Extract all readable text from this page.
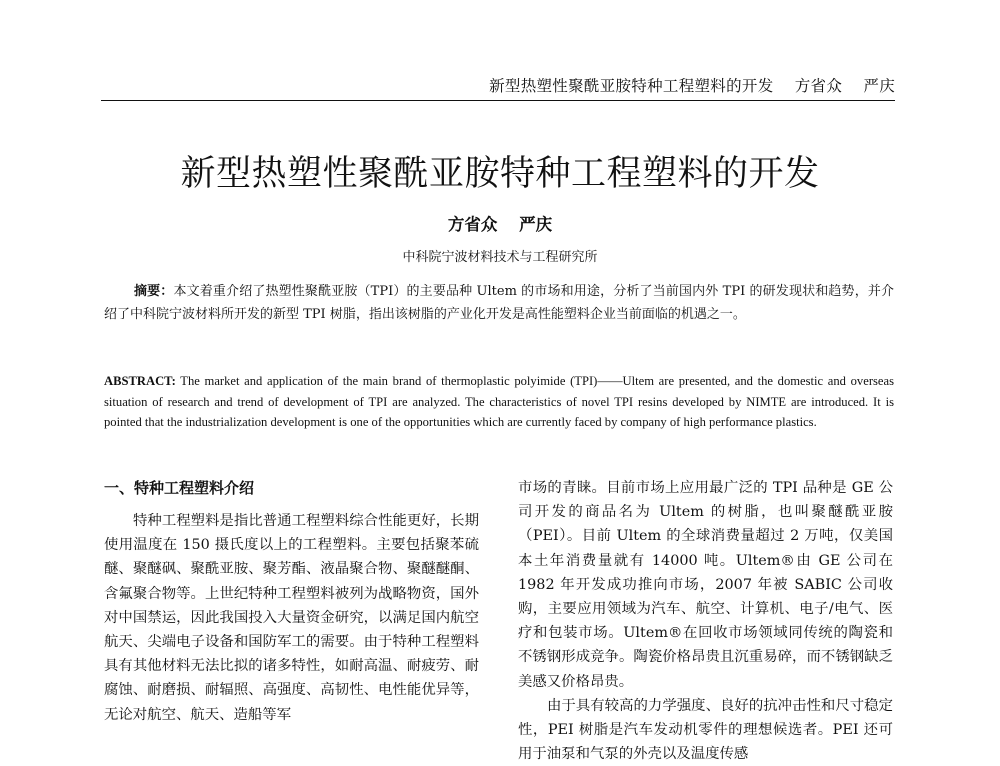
新型热塑性聚酰亚胺特种工程塑料的开发 方省众 严庆
新型热塑性聚酰亚胺特种工程塑料的开发
方省众 严庆
中科院宁波材料技术与工程研究所
摘要：本文着重介绍了热塑性聚酰亚胺（TPI）的主要品种 Ultem 的市场和用途，分析了当前国内外 TPI 的研发现状和趋势，并介绍了中科院宁波材料所开发的新型 TPI 树脂，指出该树脂的产业化开发是高性能塑料企业当前面临的机遇之一。
ABSTRACT: The market and application of the main brand of thermoplastic polyimide (TPI)——Ultem are presented, and the domestic and overseas situation of research and trend of development of TPI are analyzed. The characteristics of novel TPI resins developed by NIMTE are introduced. It is pointed that the industrialization development is one of the opportunities which are currently faced by company of high performance plastics.

一、特种工程塑料介绍

特种工程塑料是指比普通工程塑料综合性能更好，长期使用温度在 150 摄氏度以上的工程塑料。主要包括聚苯硫醚、聚醚砜、聚酰亚胺、聚芳酯、液晶聚合物、聚醚醚酮、含氟聚合物等。上世纪特种工程塑料被列为战略物资，国外对中国禁运，因此我国投入大量资金研究，以满足国内航空航天、尖端电子设备和国防军工的需要。由于特种工程塑料具有其他材料无法比拟的诸多特性，如耐高温、耐疲劳、耐腐蚀、耐磨损、耐辐照、高强度、高韧性、电性能优异等，无论对航空、航天、造船等军

市场的青睐。目前市场上应用最广泛的 TPI 品种是 GE 公司开发的商品名为 Ultem 的树脂，也叫聚醚酰亚胺（PEI）。目前 Ultem 的全球消费量超过 2 万吨，仅美国本土年消费量就有 14000 吨。Ultem®由 GE 公司在 1982 年开发成功推向市场，2007 年被 SABIC 公司收购，主要应用领域为汽车、航空、计算机、电子/电气、医疗和包装市场。Ultem®在回收市场领域同传统的陶瓷和不锈钢形成竞争。陶瓷价格昂贵且沉重易碎，而不锈钢缺乏美感又价格昂贵。

由于具有较高的力学强度、良好的抗冲击性和尺寸稳定性，PEI 树脂是汽车发动机零件的理想候选者。PEI 还可用于油泵和气泵的外壳以及温度传感
